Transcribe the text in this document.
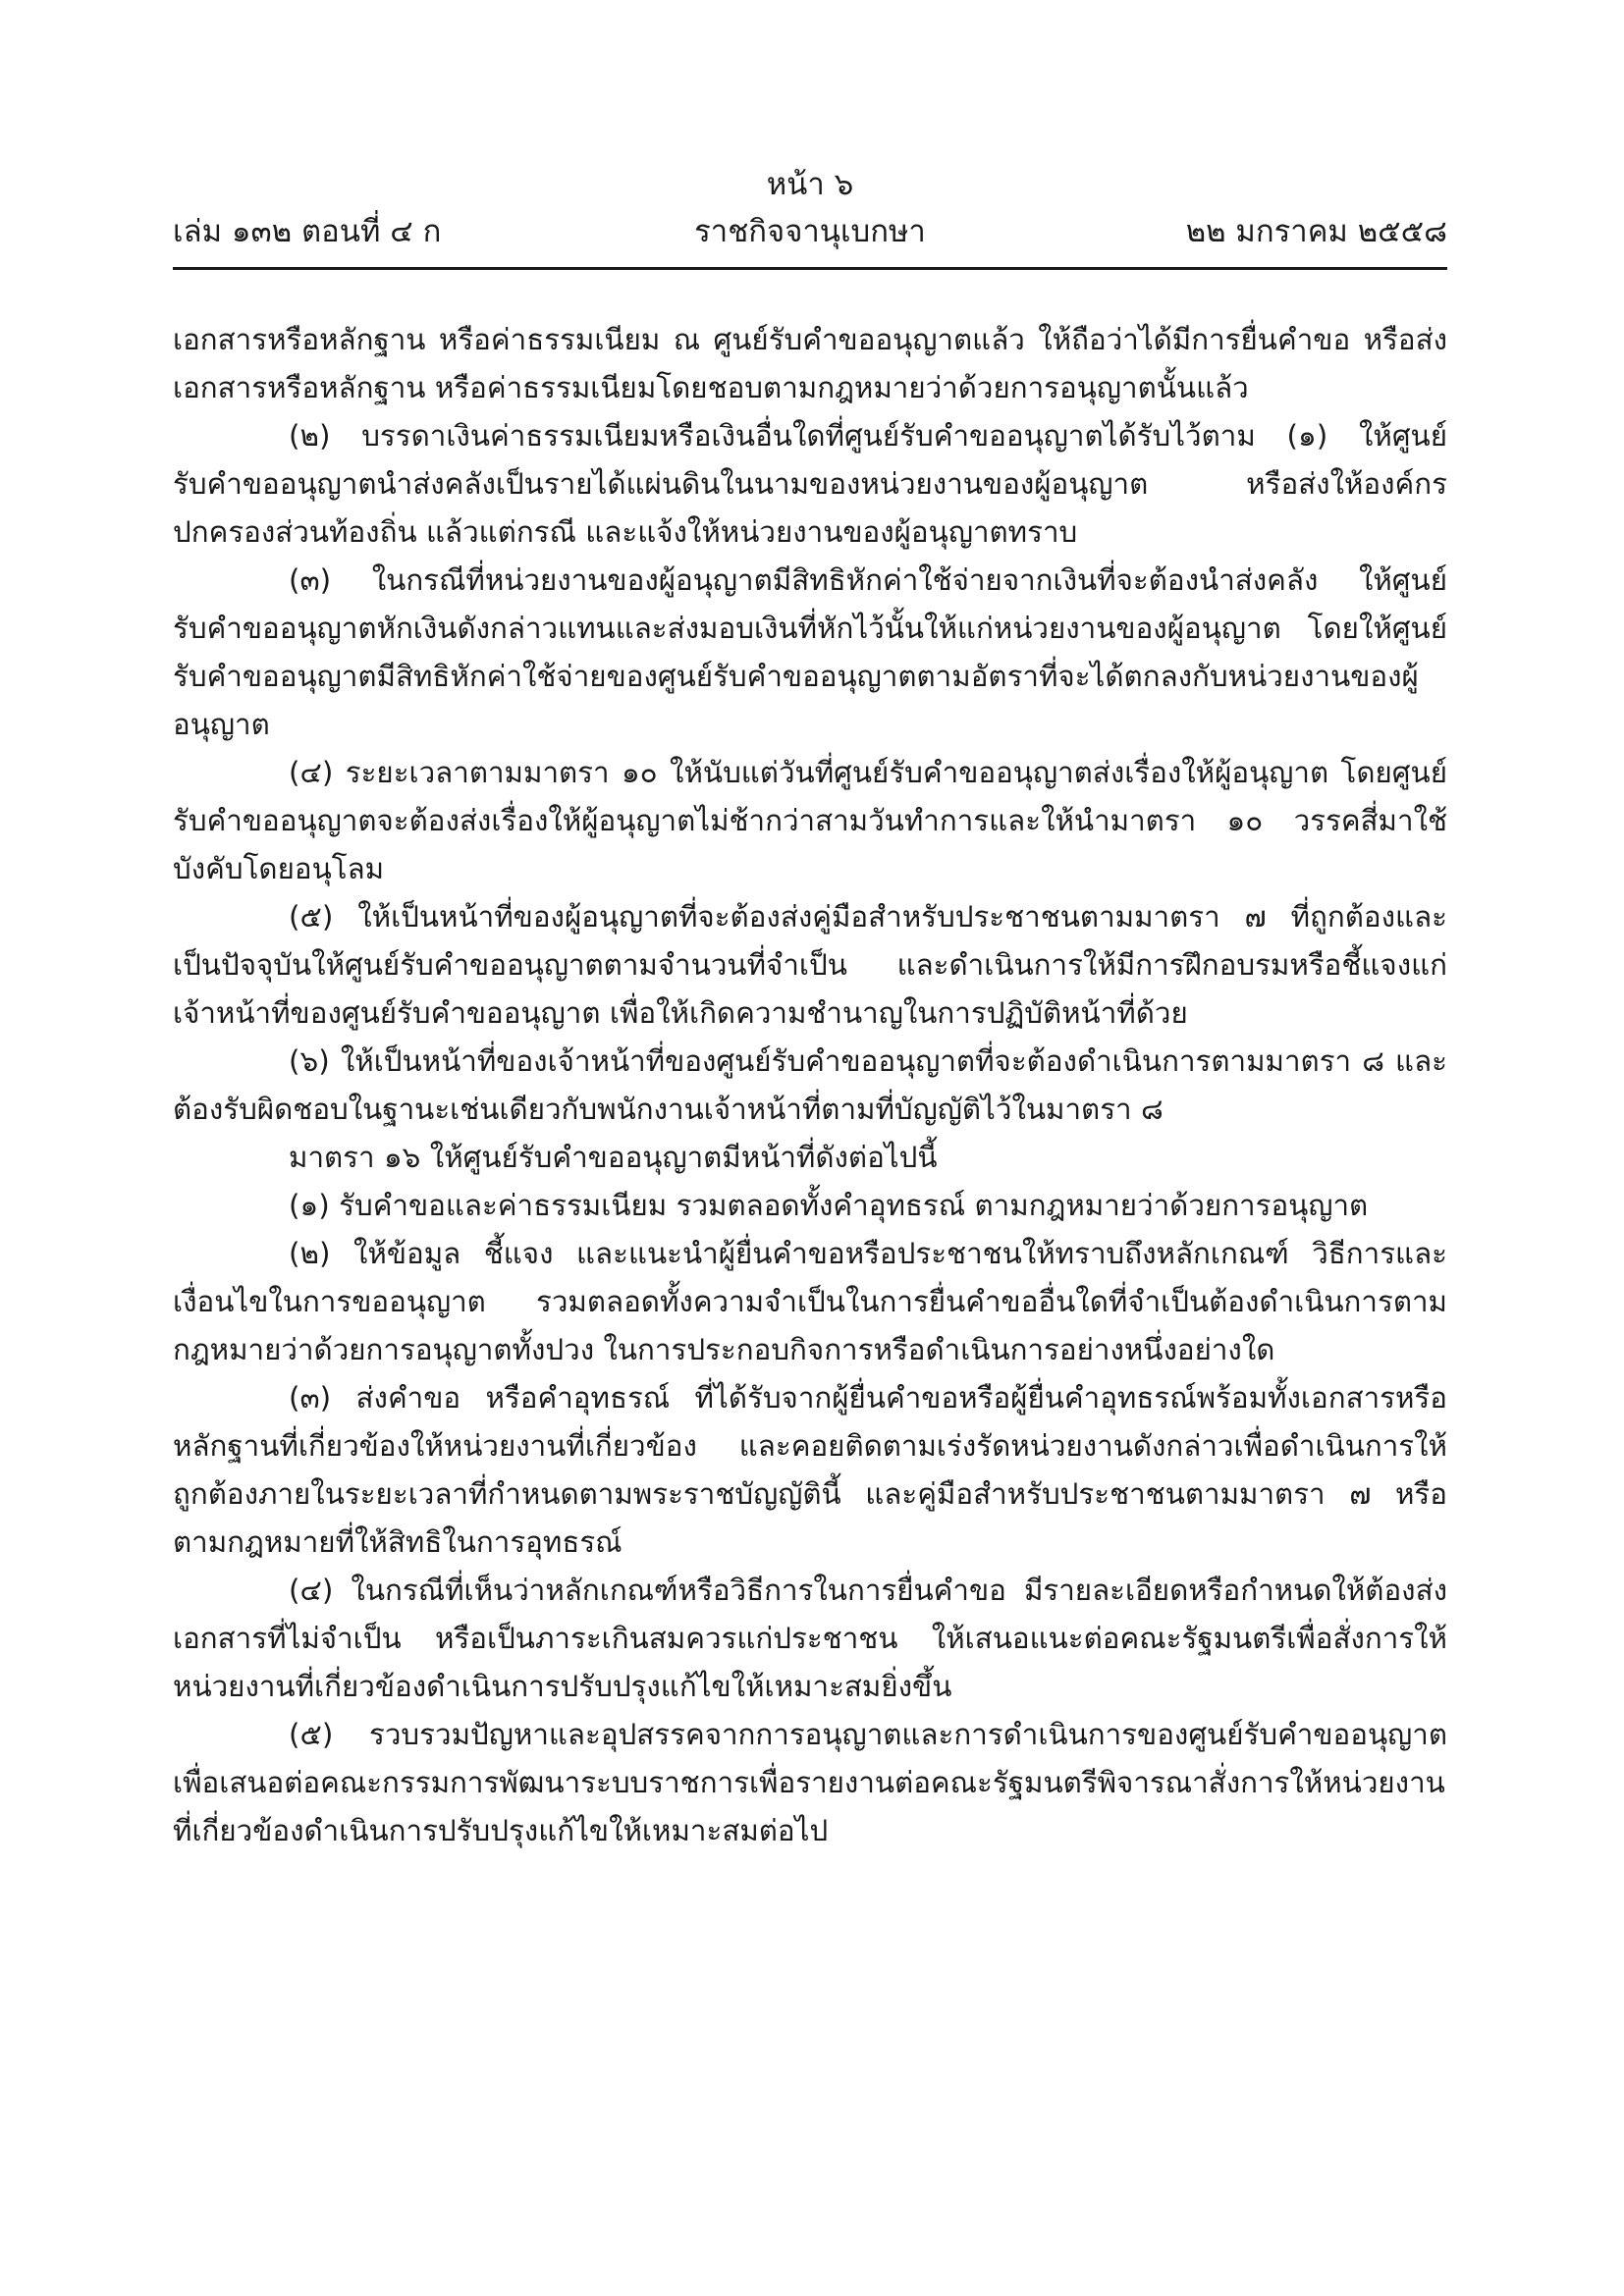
หน้า ๖
เล่ม ๑๓๒ ตอนที่ ๔ ก	ราชกิจจานุเบกษา	๒๒ มกราคม ๒๕๕๘

เอกสารหรือหลักฐาน หรือค่าธรรมเนียม ณ ศูนย์รับคำขออนุญาตแล้ว ให้ถือว่าได้มีการยื่นคำขอ หรือส่งเอกสารหรือหลักฐาน หรือค่าธรรมเนียมโดยชอบตามกฎหมายว่าด้วยการอนุญาตนั้นแล้ว

(๒) บรรดาเงินค่าธรรมเนียมหรือเงินอื่นใดที่ศูนย์รับคำขออนุญาตได้รับไว้ตาม (๑) ให้ศูนย์รับคำขออนุญาตนำส่งคลังเป็นรายได้แผ่นดินในนามของหน่วยงานของผู้อนุญาต หรือส่งให้องค์กรปกครองส่วนท้องถิ่น แล้วแต่กรณี และแจ้งให้หน่วยงานของผู้อนุญาตทราบ

(๓) ในกรณีที่หน่วยงานของผู้อนุญาตมีสิทธิหักค่าใช้จ่ายจากเงินที่จะต้องนำส่งคลัง ให้ศูนย์รับคำขออนุญาตหักเงินดังกล่าวแทนและส่งมอบเงินที่หักไว้นั้นให้แก่หน่วยงานของผู้อนุญาต โดยให้ศูนย์รับคำขออนุญาตมีสิทธิหักค่าใช้จ่ายของศูนย์รับคำขออนุญาตตามอัตราที่จะได้ตกลงกับหน่วยงานของผู้อนุญาต

(๔) ระยะเวลาตามมาตรา ๑๐ ให้นับแต่วันที่ศูนย์รับคำขออนุญาตส่งเรื่องให้ผู้อนุญาต โดยศูนย์รับคำขออนุญาตจะต้องส่งเรื่องให้ผู้อนุญาตไม่ช้ากว่าสามวันทำการและให้นำมาตรา ๑๐ วรรคสี่มาใช้บังคับโดยอนุโลม

(๕) ให้เป็นหน้าที่ของผู้อนุญาตที่จะต้องส่งคู่มือสำหรับประชาชนตามมาตรา ๗ ที่ถูกต้องและเป็นปัจจุบันให้ศูนย์รับคำขออนุญาตตามจำนวนที่จำเป็น และดำเนินการให้มีการฝึกอบรมหรือชี้แจงแก่เจ้าหน้าที่ของศูนย์รับคำขออนุญาต เพื่อให้เกิดความชำนาญในการปฏิบัติหน้าที่ด้วย

(๖) ให้เป็นหน้าที่ของเจ้าหน้าที่ของศูนย์รับคำขออนุญาตที่จะต้องดำเนินการตามมาตรา ๘ และต้องรับผิดชอบในฐานะเช่นเดียวกับพนักงานเจ้าหน้าที่ตามที่บัญญัติไว้ในมาตรา ๘

มาตรา ๑๖ ให้ศูนย์รับคำขออนุญาตมีหน้าที่ดังต่อไปนี้

(๑) รับคำขอและค่าธรรมเนียม รวมตลอดทั้งคำอุทธรณ์ ตามกฎหมายว่าด้วยการอนุญาต

(๒) ให้ข้อมูล ชี้แจง และแนะนำผู้ยื่นคำขอหรือประชาชนให้ทราบถึงหลักเกณฑ์ วิธีการและเงื่อนไขในการขออนุญาต รวมตลอดทั้งความจำเป็นในการยื่นคำขออื่นใดที่จำเป็นต้องดำเนินการตามกฎหมายว่าด้วยการอนุญาตทั้งปวง ในการประกอบกิจการหรือดำเนินการอย่างหนึ่งอย่างใด

(๓) ส่งคำขอ หรือคำอุทธรณ์ ที่ได้รับจากผู้ยื่นคำขอหรือผู้ยื่นคำอุทธรณ์พร้อมทั้งเอกสารหรือหลักฐานที่เกี่ยวข้องให้หน่วยงานที่เกี่ยวข้อง และคอยติดตามเร่งรัดหน่วยงานดังกล่าวเพื่อดำเนินการให้ถูกต้องภายในระยะเวลาที่กำหนดตามพระราชบัญญัตินี้ และคู่มือสำหรับประชาชนตามมาตรา ๗ หรือตามกฎหมายที่ให้สิทธิในการอุทธรณ์

(๔) ในกรณีที่เห็นว่าหลักเกณฑ์หรือวิธีการในการยื่นคำขอ มีรายละเอียดหรือกำหนดให้ต้องส่งเอกสารที่ไม่จำเป็น หรือเป็นภาระเกินสมควรแก่ประชาชน ให้เสนอแนะต่อคณะรัฐมนตรีเพื่อสั่งการให้หน่วยงานที่เกี่ยวข้องดำเนินการปรับปรุงแก้ไขให้เหมาะสมยิ่งขึ้น

(๕) รวบรวมปัญหาและอุปสรรคจากการอนุญาตและการดำเนินการของศูนย์รับคำขออนุญาตเพื่อเสนอต่อคณะกรรมการพัฒนาระบบราชการเพื่อรายงานต่อคณะรัฐมนตรีพิจารณาสั่งการให้หน่วยงานที่เกี่ยวข้องดำเนินการปรับปรุงแก้ไขให้เหมาะสมต่อไป
